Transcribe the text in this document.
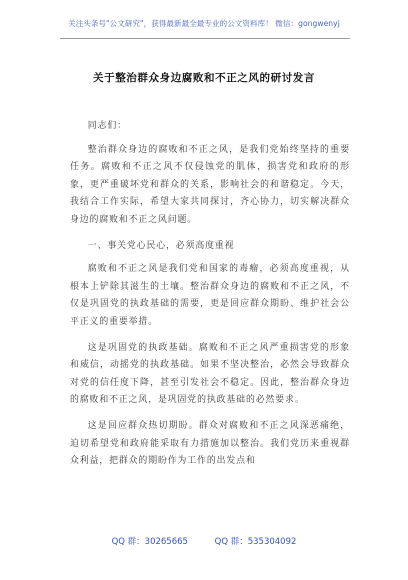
关注头条号"公文研究"，获得最新最全最专业的公文资料库！ 微信：gongwenyj
关于整治群众身边腐败和不正之风的研讨发言

同志们：

整治群众身边的腐败和不正之风，是我们党始终坚持的重要任务。腐败和不正之风不仅侵蚀党的肌体，损害党和政府的形象，更严重破坏党和群众的关系，影响社会的和谐稳定。今天，我结合工作实际，希望大家共同探讨，齐心协力，切实解决群众身边的腐败和不正之风问题。

一、事关党心民心，必须高度重视

腐败和不正之风是我们党和国家的毒瘤，必须高度重视，从根本上铲除其滋生的土壤。整治群众身边的腐败和不正之风，不仅是巩固党的执政基础的需要，更是回应群众期盼、维护社会公平正义的重要举措。

这是巩固党的执政基础。腐败和不正之风严重损害党的形象和威信，动摇党的执政基础。如果不坚决整治，必然会导致群众对党的信任度下降，甚至引发社会不稳定。因此，整治群众身边的腐败和不正之风，是巩固党的执政基础的必然要求。

这是回应群众热切期盼。群众对腐败和不正之风深恶痛绝，迫切希望党和政府能采取有力措施加以整治。我们党历来重视群众利益，把群众的期盼作为工作的出发点和

QQ 群：30265665	QQ 群：535304092
